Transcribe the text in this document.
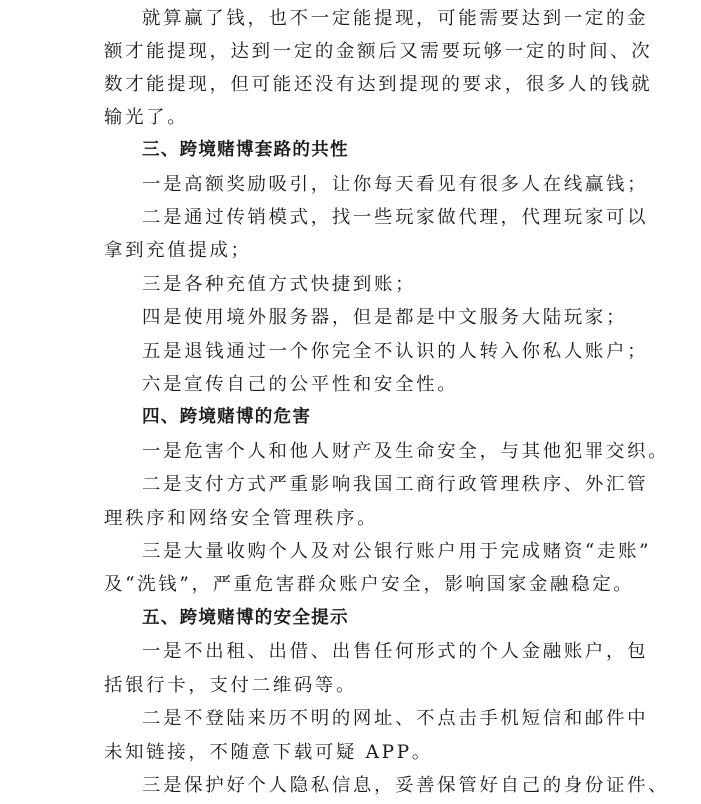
就算赢了钱，也不一定能提现，可能需要达到一定的金
额才能提现，达到一定的金额后又需要玩够一定的时间、次
数才能提现，但可能还没有达到提现的要求，很多人的钱就
输光了。
三、跨境赌博套路的共性
一是高额奖励吸引，让你每天看见有很多人在线赢钱；
二是通过传销模式，找一些玩家做代理，代理玩家可以
拿到充值提成；
三是各种充值方式快捷到账；
四是使用境外服务器，但是都是中文服务大陆玩家；
五是退钱通过一个你完全不认识的人转入你私人账户；
六是宣传自己的公平性和安全性。
四、跨境赌博的危害
一是危害个人和他人财产及生命安全，与其他犯罪交织。
二是支付方式严重影响我国工商行政管理秩序、外汇管
理秩序和网络安全管理秩序。
三是大量收购个人及对公银行账户用于完成赌资“走账”
及“洗钱”，严重危害群众账户安全，影响国家金融稳定。
五、跨境赌博的安全提示
一是不出租、出借、出售任何形式的个人金融账户，包
括银行卡，支付二维码等。
二是不登陆来历不明的网址、不点击手机短信和邮件中
未知链接，不随意下载可疑 APP。
三是保护好个人隐私信息，妥善保管好自己的身份证件、
